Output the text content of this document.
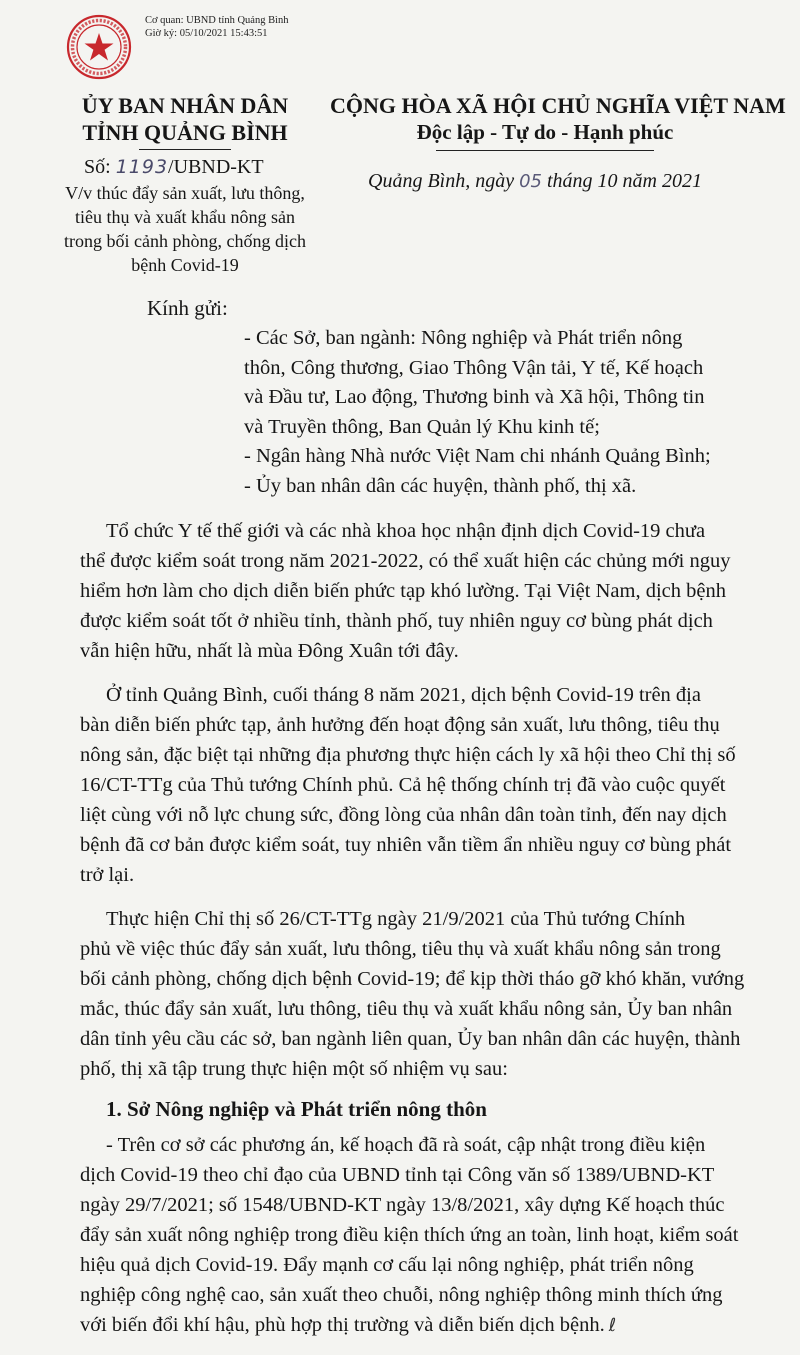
Cơ quan: UBND tỉnh Quảng Bình
Giờ ký: 05/10/2021 15:43:51
ỦY BAN NHÂN DÂN
TỈNH QUẢNG BÌNH
Số: 1193/UBND-KT
V/v thúc đẩy sản xuất, lưu thông,
tiêu thụ và xuất khẩu nông sản
trong bối cảnh phòng, chống dịch
bệnh Covid-19
CỘNG HÒA XÃ HỘI CHỦ NGHĨA VIỆT NAM
Độc lập - Tự do - Hạnh phúc
Quảng Bình, ngày 05 tháng 10 năm 2021
Kính gửi:
- Các Sở, ban ngành: Nông nghiệp và Phát triển nông
thôn, Công thương, Giao Thông Vận tải, Y tế, Kế hoạch
và Đầu tư, Lao động, Thương binh và Xã hội, Thông tin
và Truyền thông, Ban Quản lý Khu kinh tế;
- Ngân hàng Nhà nước Việt Nam chi nhánh Quảng Bình;
- Ủy ban nhân dân các huyện, thành phố, thị xã.
Tổ chức Y tế thế giới và các nhà khoa học nhận định dịch Covid-19 chưa
thể được kiểm soát trong năm 2021-2022, có thể xuất hiện các chủng mới nguy
hiểm hơn làm cho dịch diễn biến phức tạp khó lường. Tại Việt Nam, dịch bệnh
được kiểm soát tốt ở nhiều tỉnh, thành phố, tuy nhiên nguy cơ bùng phát dịch
vẫn hiện hữu, nhất là mùa Đông Xuân tới đây.
Ở tỉnh Quảng Bình, cuối tháng 8 năm 2021, dịch bệnh Covid-19 trên địa
bàn diễn biến phức tạp, ảnh hưởng đến hoạt động sản xuất, lưu thông, tiêu thụ
nông sản, đặc biệt tại những địa phương thực hiện cách ly xã hội theo Chỉ thị số
16/CT-TTg của Thủ tướng Chính phủ. Cả hệ thống chính trị đã vào cuộc quyết
liệt cùng với nỗ lực chung sức, đồng lòng của nhân dân toàn tỉnh, đến nay dịch
bệnh đã cơ bản được kiểm soát, tuy nhiên vẫn tiềm ẩn nhiều nguy cơ bùng phát
trở lại.
Thực hiện Chỉ thị số 26/CT-TTg ngày 21/9/2021 của Thủ tướng Chính
phủ về việc thúc đẩy sản xuất, lưu thông, tiêu thụ và xuất khẩu nông sản trong
bối cảnh phòng, chống dịch bệnh Covid-19; để kịp thời tháo gỡ khó khăn, vướng
mắc, thúc đẩy sản xuất, lưu thông, tiêu thụ và xuất khẩu nông sản, Ủy ban nhân
dân tỉnh yêu cầu các sở, ban ngành liên quan, Ủy ban nhân dân các huyện, thành
phố, thị xã tập trung thực hiện một số nhiệm vụ sau:
1. Sở Nông nghiệp và Phát triển nông thôn
- Trên cơ sở các phương án, kế hoạch đã rà soát, cập nhật trong điều kiện
dịch Covid-19 theo chỉ đạo của UBND tỉnh tại Công văn số 1389/UBND-KT
ngày 29/7/2021; số 1548/UBND-KT ngày 13/8/2021, xây dựng Kế hoạch thúc
đẩy sản xuất nông nghiệp trong điều kiện thích ứng an toàn, linh hoạt, kiểm soát
hiệu quả dịch Covid-19. Đẩy mạnh cơ cấu lại nông nghiệp, phát triển nông
nghiệp công nghệ cao, sản xuất theo chuỗi, nông nghiệp thông minh thích ứng
với biến đổi khí hậu, phù hợp thị trường và diễn biến dịch bệnh. ℓ
